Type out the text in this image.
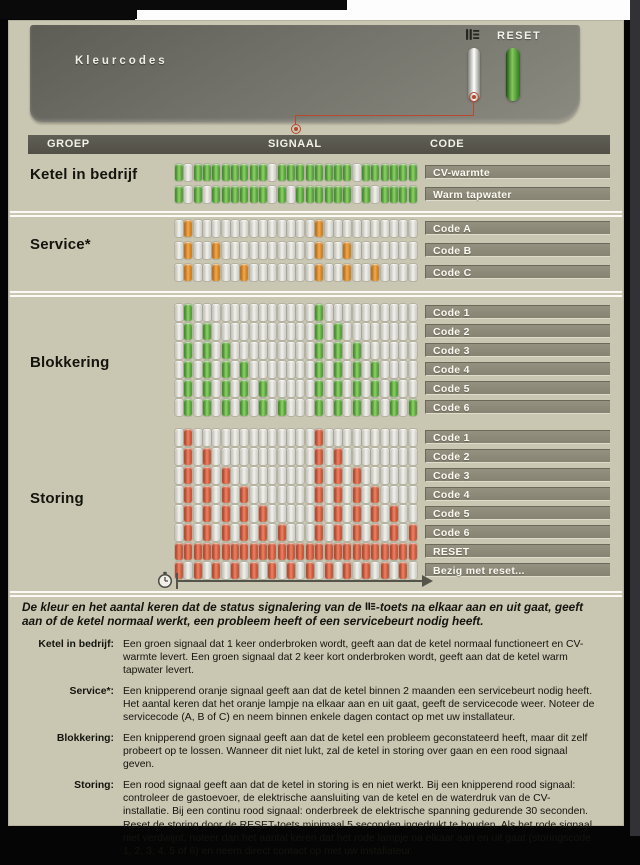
Kleurcodes
RESET
GROEP	SIGNAAL	CODE
Ketel in bedrijf	CV-warmte
Warm tapwater
Service*
Code A
Code B
Code C
Blokkering
Code 1
Code 2
Code 3
Code 4
Code 5
Code 6
Storing
Code 1
Code 2
Code 3
Code 4
Code 5
Code 6
RESET
Bezig met reset...
De kleur en het aantal keren dat de status signalering van de -toets na elkaar aan en uit gaat, geeft aan of de ketel normaal werkt, een probleem heeft of een servicebeurt nodig heeft.
Ketel in bedrijf: Een groen signaal dat 1 keer onderbroken wordt, geeft aan dat de ketel normaal functioneert en CV-warmte levert. Een groen signaal dat 2 keer kort onderbroken wordt, geeft aan dat de ketel warm tapwater levert.
Service*: Een knipperend oranje signaal geeft aan dat de ketel binnen 2 maanden een servicebeurt nodig heeft. Het aantal keren dat het oranje lampje na elkaar aan en uit gaat, geeft de servicecode weer. Noteer de servicecode (A, B of C) en neem binnen enkele dagen contact op met uw installateur.
Blokkering: Een knipperend groen signaal geeft aan dat de ketel een probleem geconstateerd heeft, maar dit zelf probeert op te lossen. Wanneer dit niet lukt, zal de ketel in storing over gaan en een rood signaal geven.
Storing: Een rood signaal geeft aan dat de ketel in storing is en niet werkt. Bij een knipperend rood signaal: controleer de gastoevoer, de elektrische aansluiting van de ketel en de waterdruk van de CV-installatie. Bij een continu rood signaal: onderbreek de elektrische spanning gedurende 30 seconden. Reset de storing door de RESET-toets minimaal 5 seconden ingedrukt te houden. Als het rode signaal niet verdwijnt, noteer dan het aantal keren dat het rode lampje na elkaar aan en uit gaat (storingscode 1, 2, 3, 4, 5 of 6) en neem direct contact op met uw installateur.
